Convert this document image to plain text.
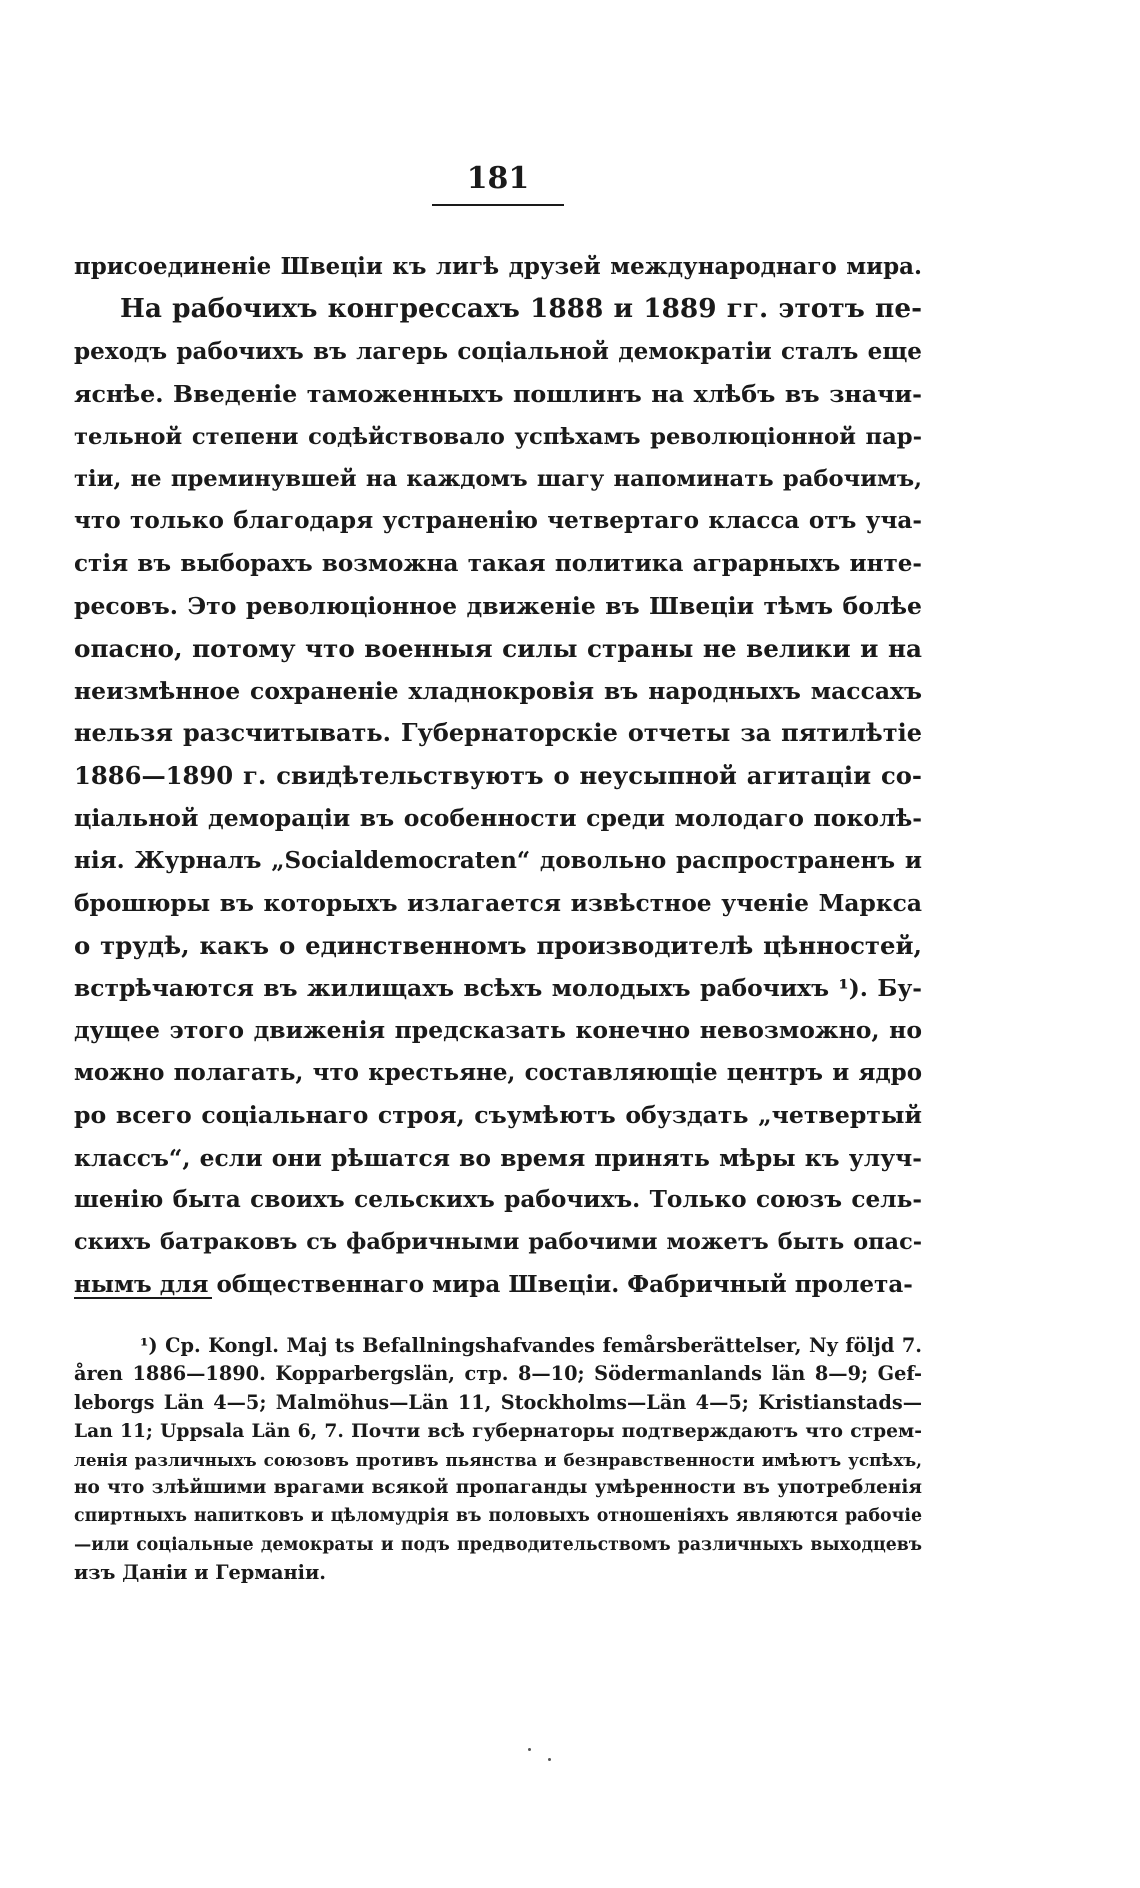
181
присоединеніе Швеціи къ лигѣ друзей международнаго мира.
На рабочихъ конгрессахъ 1888 и 1889 гг. этотъ пе-
реходъ рабочихъ въ лагерь соціальной демократіи сталъ еще
яснѣе. Введеніе таможенныхъ пошлинъ на хлѣбъ въ значи-
тельной степени содѣйствовало успѣхамъ революціонной пар-
тіи, не преминувшей на каждомъ шагу напоминать рабочимъ,
что только благодаря устраненію четвертаго класса отъ уча-
стія въ выборахъ возможна такая политика аграрныхъ инте-
ресовъ. Это революціонное движеніе въ Швеціи тѣмъ болѣе
опасно, потому что военныя силы страны не велики и на
неизмѣнное сохраненіе хладнокровія въ народныхъ массахъ
нельзя разсчитывать. Губернаторскіе отчеты за пятилѣтіе
1886—1890 г. свидѣтельствуютъ о неусыпной агитаціи со-
ціальной демораціи въ особенности среди молодаго поколѣ-
нія. Журналъ „Socialdemocraten“ довольно распространенъ и
брошюры въ которыхъ излагается извѣстное ученіе Маркса
о трудѣ, какъ о единственномъ производителѣ цѣнностей,
встрѣчаются въ жилищахъ всѣхъ молодыхъ рабочихъ ¹). Бу-
дущее этого движенія предсказать конечно невозможно, но
можно полагать, что крестьяне, составляющіе центръ и ядро
ро всего соціальнаго строя, съумѣютъ обуздать „четвертый
классъ“, если они рѣшатся во время принять мѣры къ улуч-
шенію быта своихъ сельскихъ рабочихъ. Только союзъ сель-
скихъ батраковъ съ фабричными рабочими можетъ быть опас-
нымъ для общественнаго мира Швеціи. Фабричный пролета-
¹) Cp. Kongl. Maj ts Befallningshafvandes femårsberättelser, Ny följd 7.
åren 1886—1890. Kopparbergslän, стр. 8—10; Södermanlands län 8—9; Gef-
leborgs Län 4—5; Malmöhus—Län 11, Stockholms—Län 4—5; Kristianstads—
Lan 11; Uppsala Län 6, 7. Почти всѣ губернаторы подтверждаютъ что стрем-
ленія различныхъ союзовъ противъ пьянства и безнравственности имѣютъ успѣхъ,
но что злѣйшими врагами всякой пропаганды умѣренности въ употребленія
спиртныхъ напитковъ и цѣломудрія въ половыхъ отношеніяхъ являются рабочіе
—или соціальные демократы и подъ предводительствомъ различныхъ выходцевъ
изъ Даніи и Германіи.
